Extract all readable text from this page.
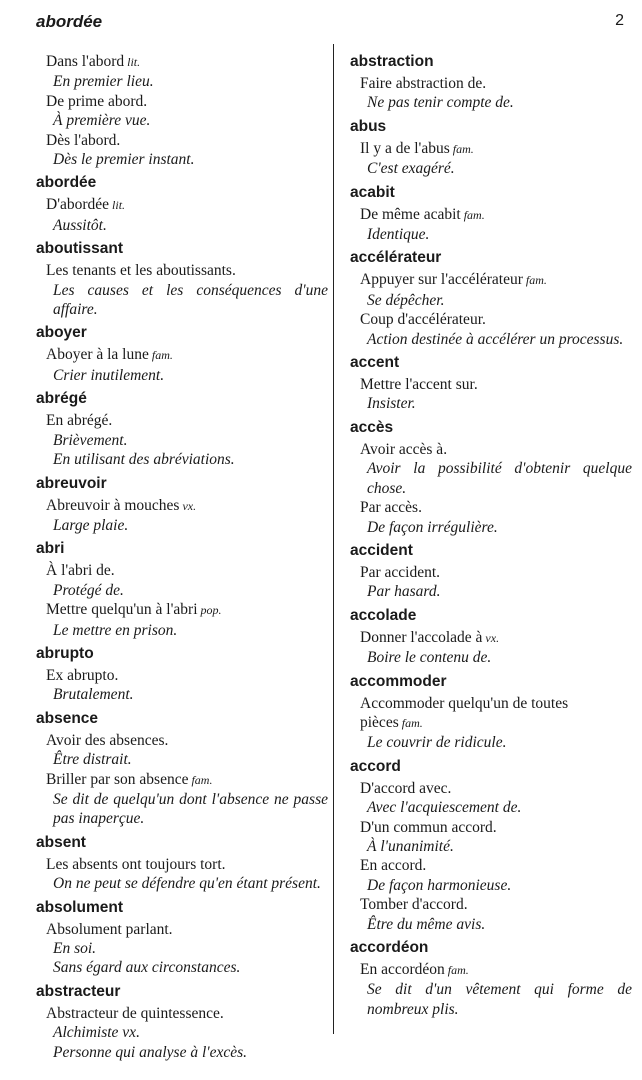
abordée	2
Dans l'abord lit.
En premier lieu.
De prime abord.
À première vue.
Dès l'abord.
Dès le premier instant.
abordée
D'abordée lit.
Aussitôt.
aboutissant
Les tenants et les aboutissants.
Les causes et les conséquences d'une affaire.
aboyer
Aboyer à la lune fam.
Crier inutilement.
abrégé
En abrégé.
Brièvement.
En utilisant des abréviations.
abreuvoir
Abreuvoir à mouches vx.
Large plaie.
abri
À l'abri de.
Protégé de.
Mettre quelqu'un à l'abri pop.
Le mettre en prison.
abrupto
Ex abrupto.
Brutalement.
absence
Avoir des absences.
Être distrait.
Briller par son absence fam.
Se dit de quelqu'un dont l'absence ne passe pas inaperçue.
absent
Les absents ont toujours tort.
On ne peut se défendre qu'en étant présent.
absolument
Absolument parlant.
En soi.
Sans égard aux circonstances.
abstracteur
Abstracteur de quintessence.
Alchimiste vx.
Personne qui analyse à l'excès.
abstraction
Faire abstraction de.
Ne pas tenir compte de.
abus
Il y a de l'abus fam.
C'est exagéré.
acabit
De même acabit fam.
Identique.
accélérateur
Appuyer sur l'accélérateur fam.
Se dépêcher.
Coup d'accélérateur.
Action destinée à accélérer un processus.
accent
Mettre l'accent sur.
Insister.
accès
Avoir accès à.
Avoir la possibilité d'obtenir quelque chose.
Par accès.
De façon irrégulière.
accident
Par accident.
Par hasard.
accolade
Donner l'accolade à vx.
Boire le contenu de.
accommoder
Accommoder quelqu'un de toutes pièces fam.
Le couvrir de ridicule.
accord
D'accord avec.
Avec l'acquiescement de.
D'un commun accord.
À l'unanimité.
En accord.
De façon harmonieuse.
Tomber d'accord.
Être du même avis.
accordéon
En accordéon fam.
Se dit d'un vêtement qui forme de nombreux plis.
